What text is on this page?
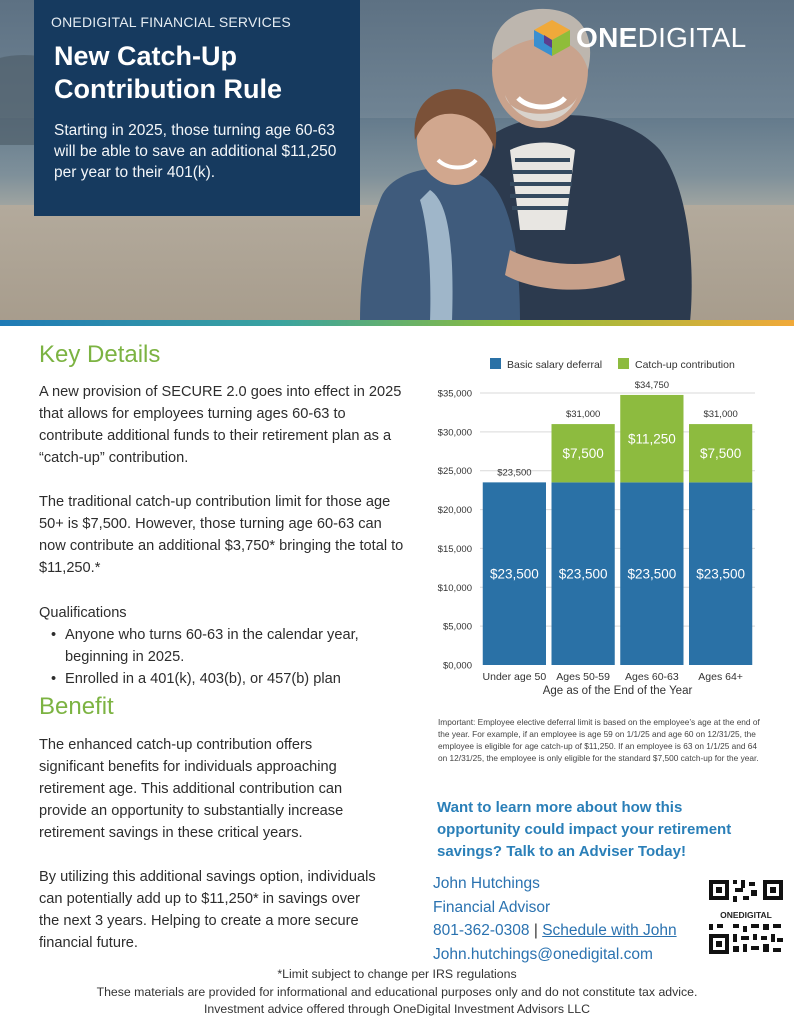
ONEDIGITAL FINANCIAL SERVICES
New Catch-Up Contribution Rule
Starting in 2025, those turning age 60-63 will be able to save an additional $11,250 per year to their 401(k).
ONEDIGITAL
Key Details
A new provision of SECURE 2.0 goes into effect in 2025 that allows for employees turning ages 60-63 to contribute additional funds to their retirement plan as a “catch-up” contribution.
The traditional catch-up contribution limit for those age 50+ is $7,500. However, those turning age 60-63 can now contribute an additional $3,750* bringing the total to $11,250.*
Qualifications
• Anyone who turns 60-63 in the calendar year, beginning in 2025.
• Enrolled in a 401(k), 403(b), or 457(b) plan
Benefit
The enhanced catch-up contribution offers significant benefits for individuals approaching retirement age. This additional contribution can provide an opportunity to substantially increase retirement savings in these critical years.
By utilizing this additional savings option, individuals can potentially add up to $11,250* in savings over the next 3 years. Helping to create a more secure financial future.
Basic salary deferral	Catch-up contribution
$0,000
$5,000
$10,000
$15,000
$20,000
$25,000
$30,000
$35,000
$23,500
$23,500
Under age 50
$23,500
$7,500
$31,000
Ages 50-59
$23,500
$11,250
$34,750
Ages 60-63
$23,500
$7,500
$31,000
Ages 64+
Age as of the End of the Year
Important: Employee elective deferral limit is based on the employee’s age at the end of the year. For example, if an employee is age 59 on 1/1/25 and age 60 on 12/31/25, the employee is eligible for age catch-up of $11,250. If an employee is 63 on 1/1/25 and 64 on 12/31/25, the employee is only eligible for the standard $7,500 catch-up for the year.
Want to learn more about how this opportunity could impact your retirement savings? Talk to an Adviser Today!
John Hutchings
Financial Advisor
801-362-0308 | Schedule with John
John.hutchings@onedigital.com
ONEDIGITAL
*Limit subject to change per IRS regulations
These materials are provided for informational and educational purposes only and do not constitute tax advice.
Investment advice offered through OneDigital Investment Advisors LLC
